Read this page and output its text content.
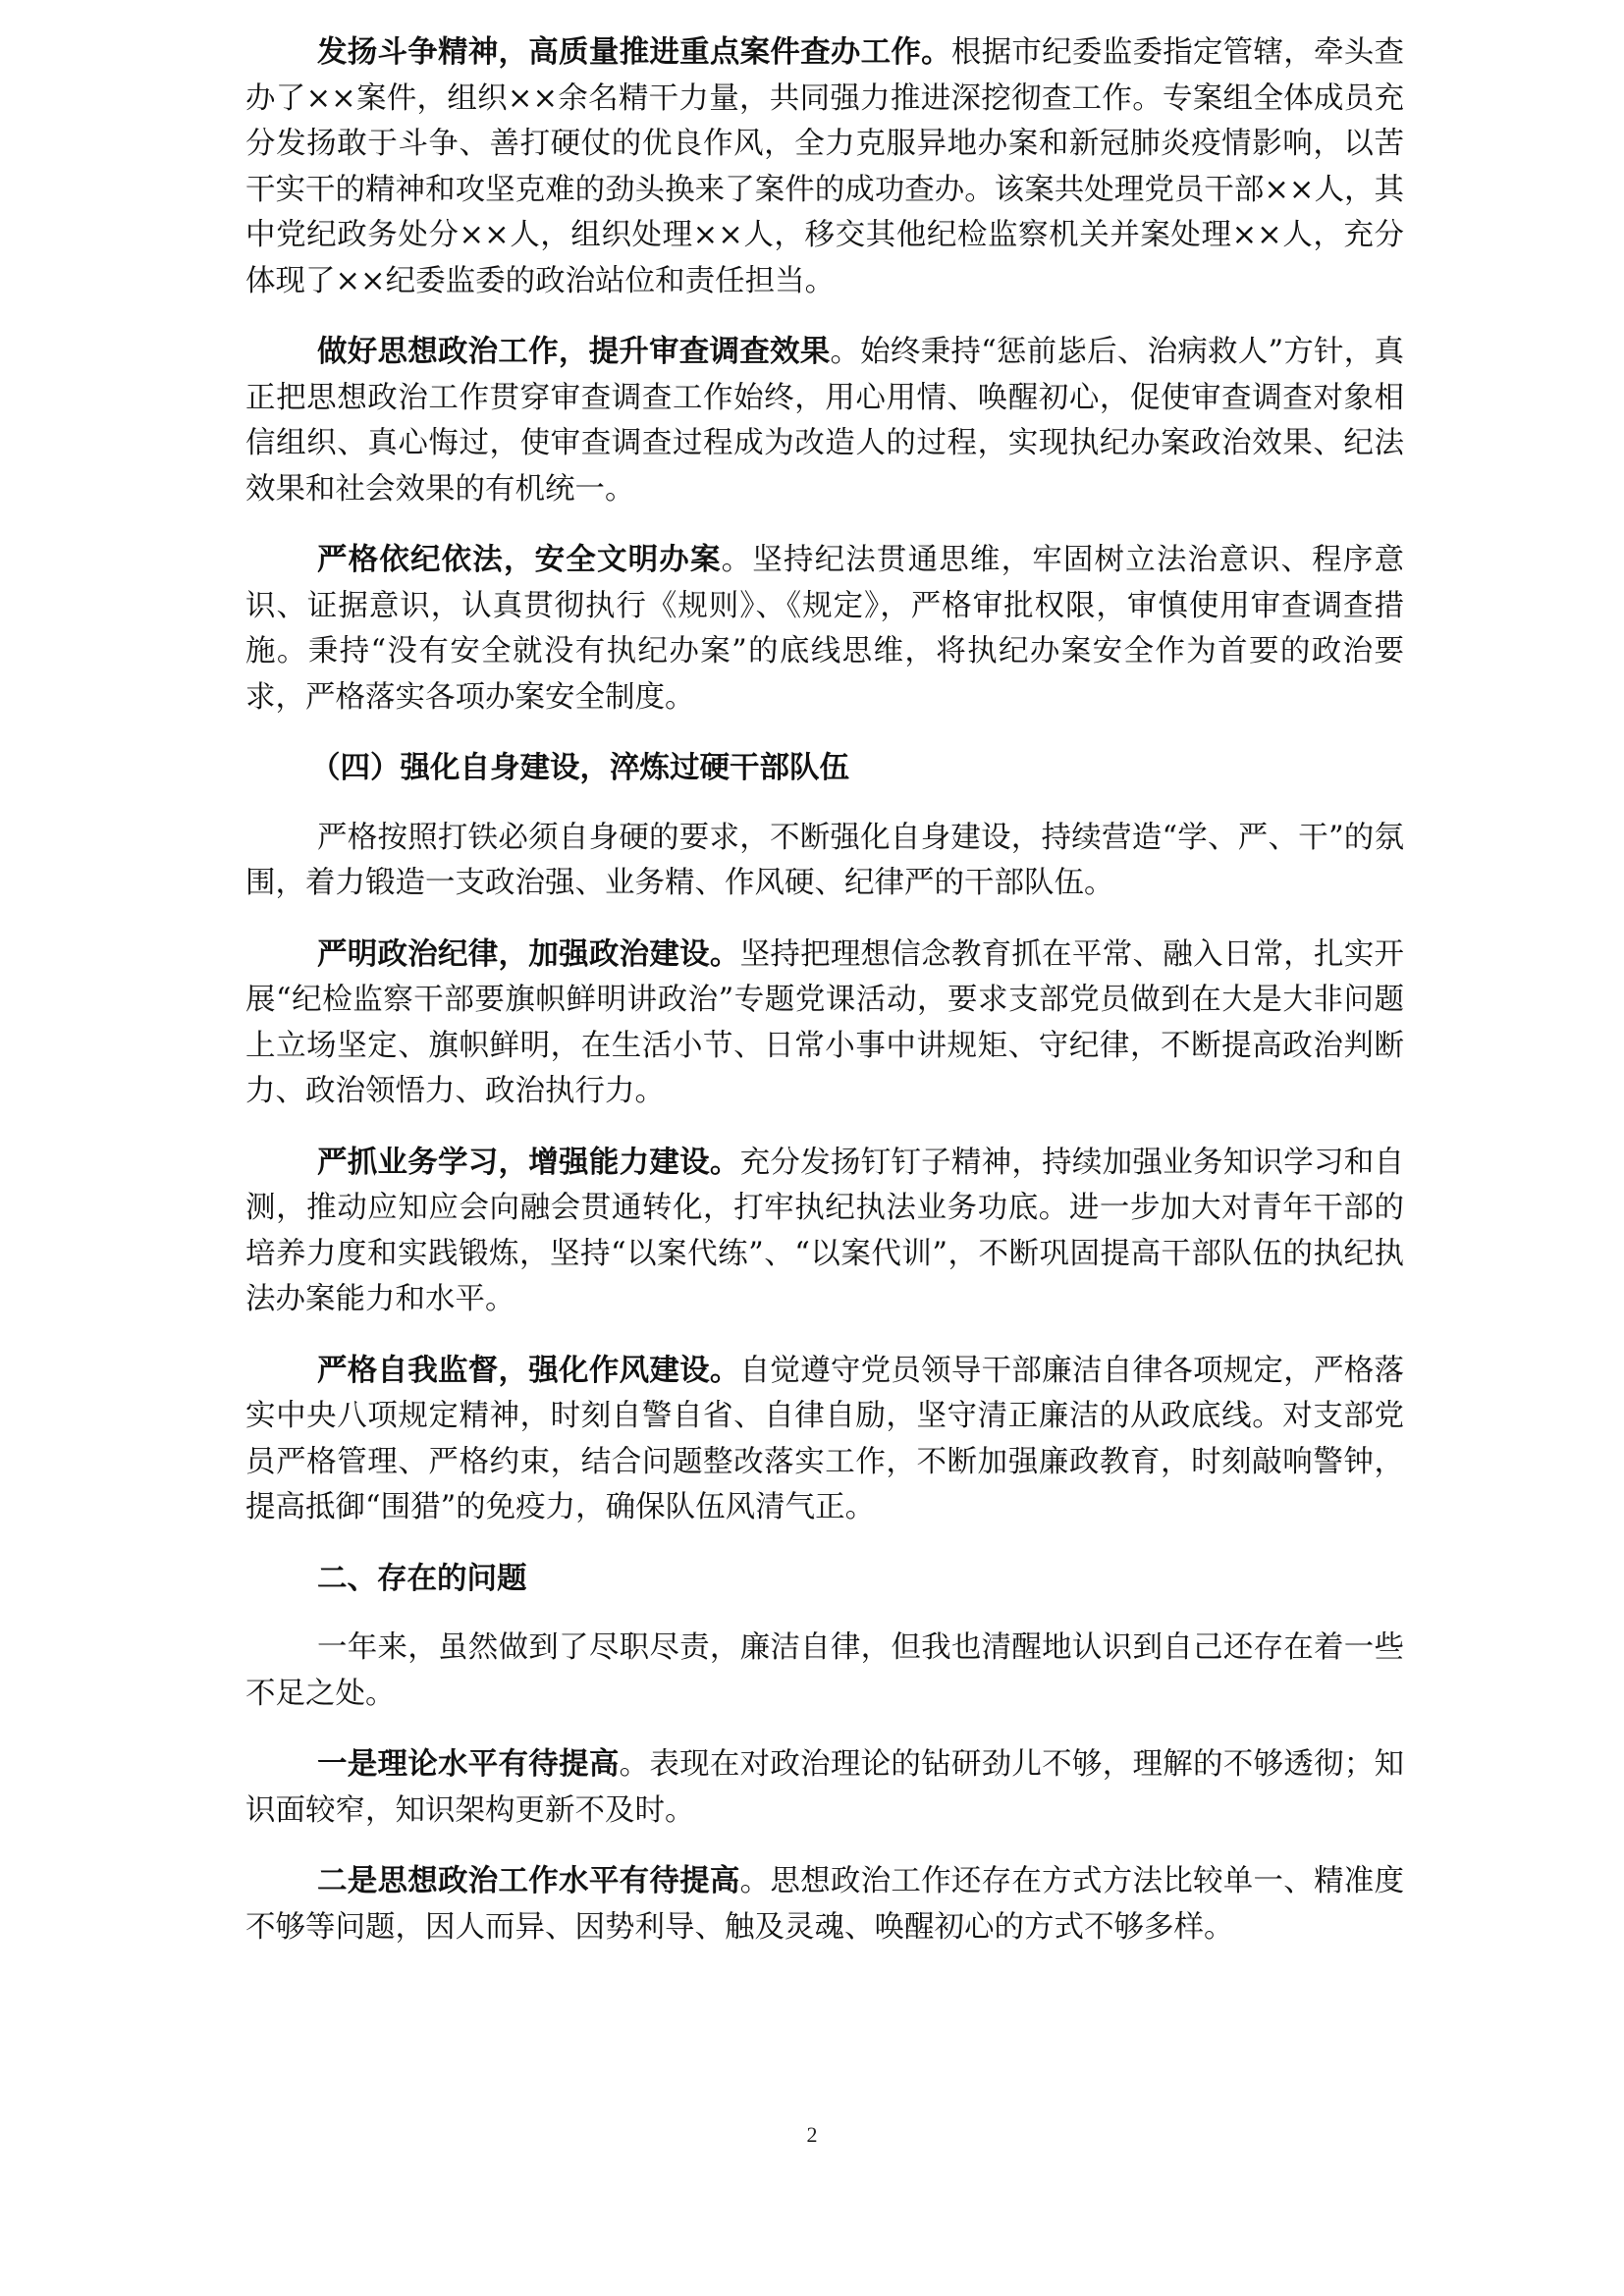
发扬斗争精神，高质量推进重点案件查办工作。根据市纪委监委指定管辖，牵头查办了××案件，组织××余名精干力量，共同强力推进深挖彻查工作。专案组全体成员充分发扬敢于斗争、善打硬仗的优良作风，全力克服异地办案和新冠肺炎疫情影响，以苦干实干的精神和攻坚克难的劲头换来了案件的成功查办。该案共处理党员干部××人，其中党纪政务处分××人，组织处理××人，移交其他纪检监察机关并案处理××人，充分体现了××纪委监委的政治站位和责任担当。

做好思想政治工作，提升审查调查效果。始终秉持“惩前毖后、治病救人”方针，真正把思想政治工作贯穿审查调查工作始终，用心用情、唤醒初心，促使审查调查对象相信组织、真心悔过，使审查调查过程成为改造人的过程，实现执纪办案政治效果、纪法效果和社会效果的有机统一。

严格依纪依法，安全文明办案。坚持纪法贯通思维，牢固树立法治意识、程序意识、证据意识，认真贯彻执行《规则》、《规定》，严格审批权限，审慎使用审查调查措施。秉持“没有安全就没有执纪办案”的底线思维，将执纪办案安全作为首要的政治要求，严格落实各项办案安全制度。

（四）强化自身建设，淬炼过硬干部队伍

严格按照打铁必须自身硬的要求，不断强化自身建设，持续营造“学、严、干”的氛围，着力锻造一支政治强、业务精、作风硬、纪律严的干部队伍。

严明政治纪律，加强政治建设。坚持把理想信念教育抓在平常、融入日常，扎实开展“纪检监察干部要旗帜鲜明讲政治”专题党课活动，要求支部党员做到在大是大非问题上立场坚定、旗帜鲜明，在生活小节、日常小事中讲规矩、守纪律，不断提高政治判断力、政治领悟力、政治执行力。

严抓业务学习，增强能力建设。充分发扬钉钉子精神，持续加强业务知识学习和自测，推动应知应会向融会贯通转化，打牢执纪执法业务功底。进一步加大对青年干部的培养力度和实践锻炼，坚持“以案代练”、“以案代训”，不断巩固提高干部队伍的执纪执法办案能力和水平。

严格自我监督，强化作风建设。自觉遵守党员领导干部廉洁自律各项规定，严格落实中央八项规定精神，时刻自警自省、自律自励，坚守清正廉洁的从政底线。对支部党员严格管理、严格约束，结合问题整改落实工作，不断加强廉政教育，时刻敲响警钟，提高抵御“围猎”的免疫力，确保队伍风清气正。

二、存在的问题

一年来，虽然做到了尽职尽责，廉洁自律，但我也清醒地认识到自己还存在着一些不足之处。

一是理论水平有待提高。表现在对政治理论的钻研劲儿不够，理解的不够透彻；知识面较窄，知识架构更新不及时。

二是思想政治工作水平有待提高。思想政治工作还存在方式方法比较单一、精准度不够等问题，因人而异、因势利导、触及灵魂、唤醒初心的方式不够多样。

2
